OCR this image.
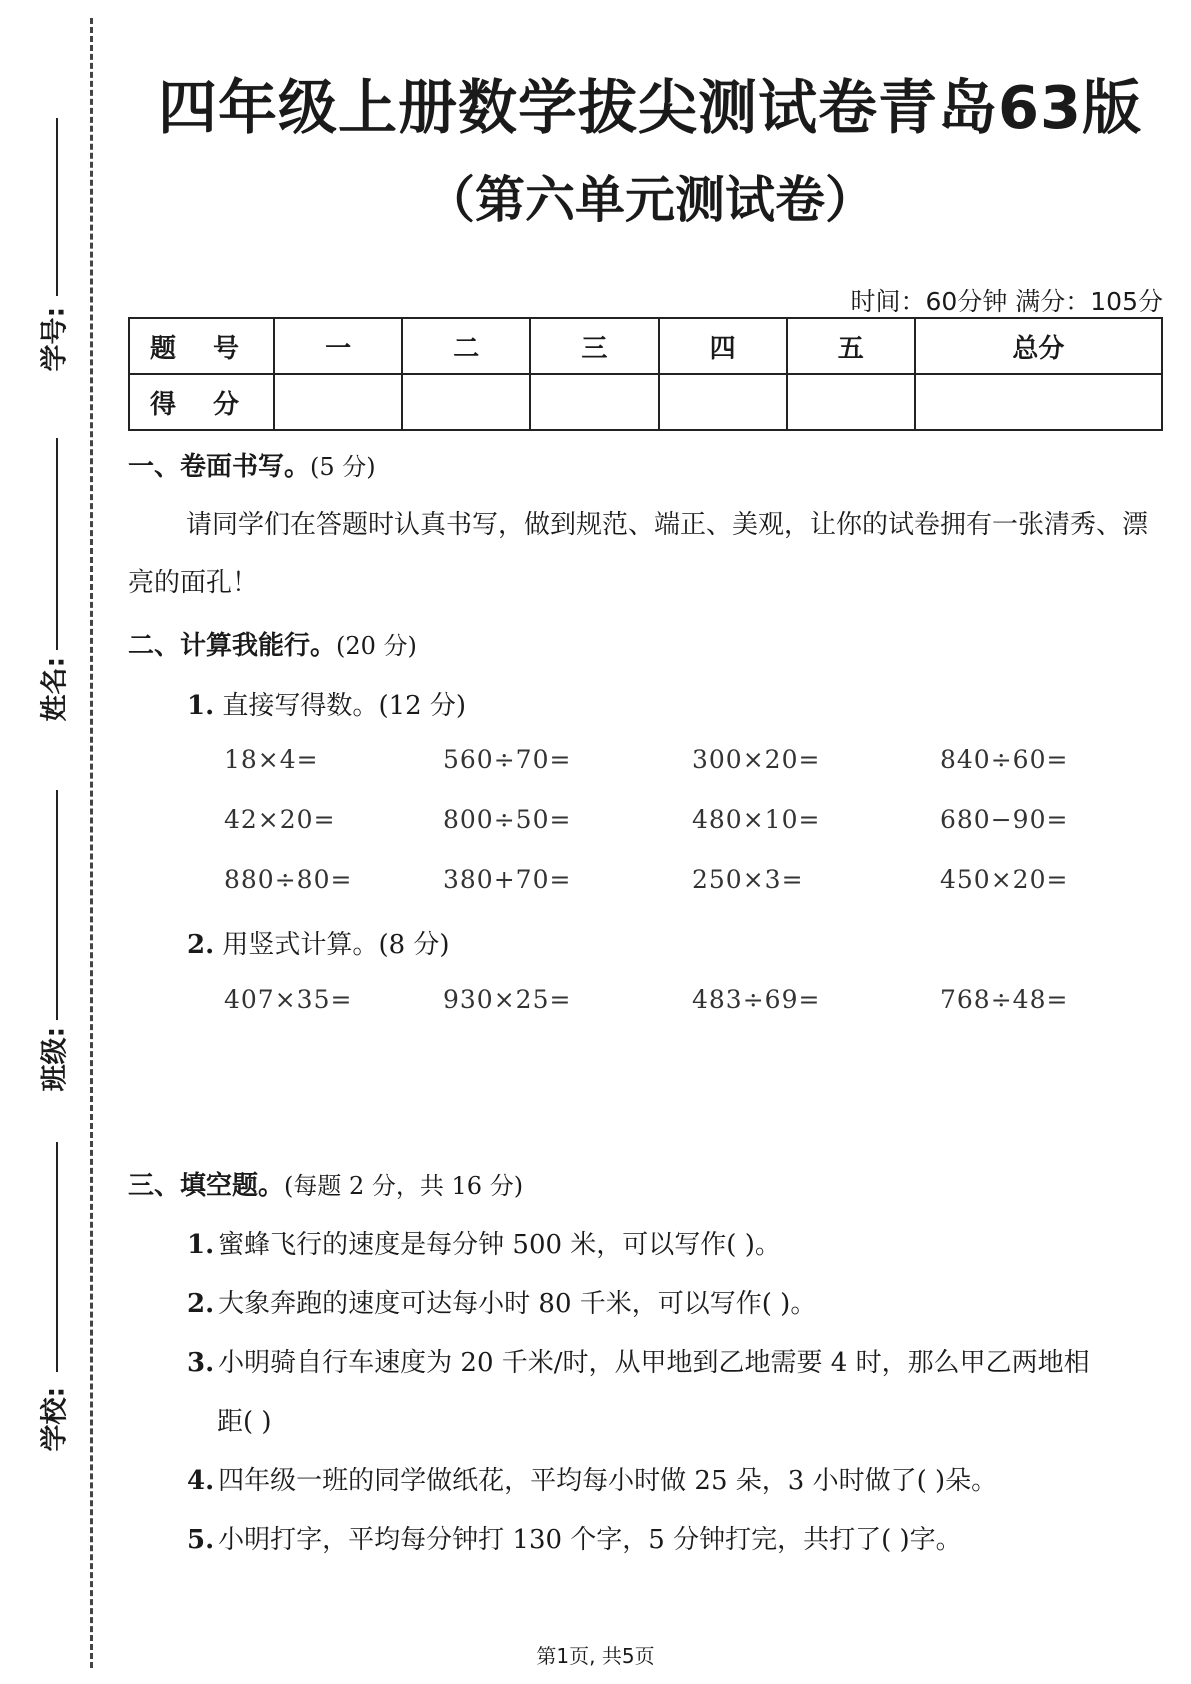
学号:
姓名:
班级:
学校:
四年级上册数学拔尖测试卷青岛63版
（第六单元测试卷）
时间：60分钟 满分：105分
题 号	一	二	三	四	五	总分
得 分						
一、卷面书写。(5 分)
请同学们在答题时认真书写，做到规范、端正、美观，让你的试卷拥有一张清秀、漂亮的面孔！
二、计算我能行。(20 分)
1. 直接写得数。(12 分)
18×4=	560÷70=	300×20=	840÷60=
42×20=	800÷50=	480×10=	680−90=
880÷80=	380+70=	250×3=	450×20=
2. 用竖式计算。(8 分)
407×35=	930×25=	483÷69=	768÷48=
三、填空题。(每题 2 分，共 16 分)
1. 蜜蜂飞行的速度是每分钟 500 米，可以写作( )。
2. 大象奔跑的速度可达每小时 80 千米，可以写作( )。
3. 小明骑自行车速度为 20 千米/时，从甲地到乙地需要 4 时，那么甲乙两地相
距( )
4. 四年级一班的同学做纸花，平均每小时做 25 朵，3 小时做了( )朵。
5. 小明打字，平均每分钟打 130 个字，5 分钟打完，共打了( )字。
第1页, 共5页
